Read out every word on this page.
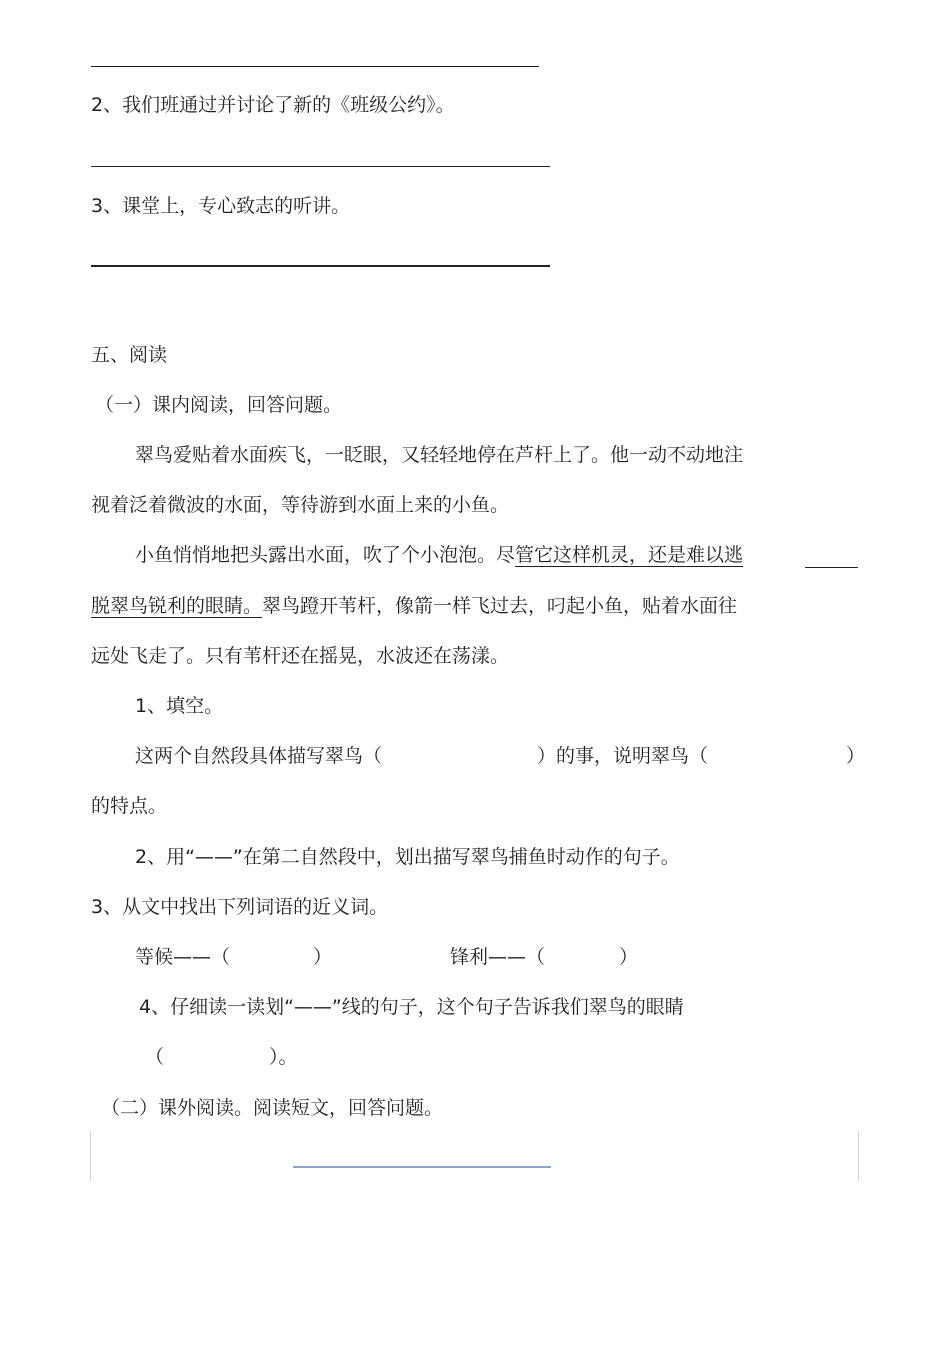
2、我们班通过并讨论了新的《班级公约》。
3、课堂上，专心致志的听讲。
五、阅读
（一）课内阅读，回答问题。
翠鸟爱贴着水面疾飞，一眨眼，又轻轻地停在芦杆上了。他一动不动地注
视着泛着微波的水面，等待游到水面上来的小鱼。
小鱼悄悄地把头露出水面，吹了个小泡泡。尽管它这样机灵，还是难以逃
脱翠鸟锐利的眼睛。翠鸟蹬开苇杆，像箭一样飞过去，叼起小鱼，贴着水面往
远处飞走了。只有苇杆还在摇晃，水波还在荡漾。
1、填空。
这两个自然段具体描写翠鸟（	）的事，说明翠鸟（	）
的特点。
2、用“——”在第二自然段中，划出描写翠鸟捕鱼时动作的句子。
3、从文中找出下列词语的近义词。
等候——（	）	锋利——（	）
4、仔细读一读划“——”线的句子，这个句子告诉我们翠鸟的眼睛
（	）。
（二）课外阅读。阅读短文，回答问题。
